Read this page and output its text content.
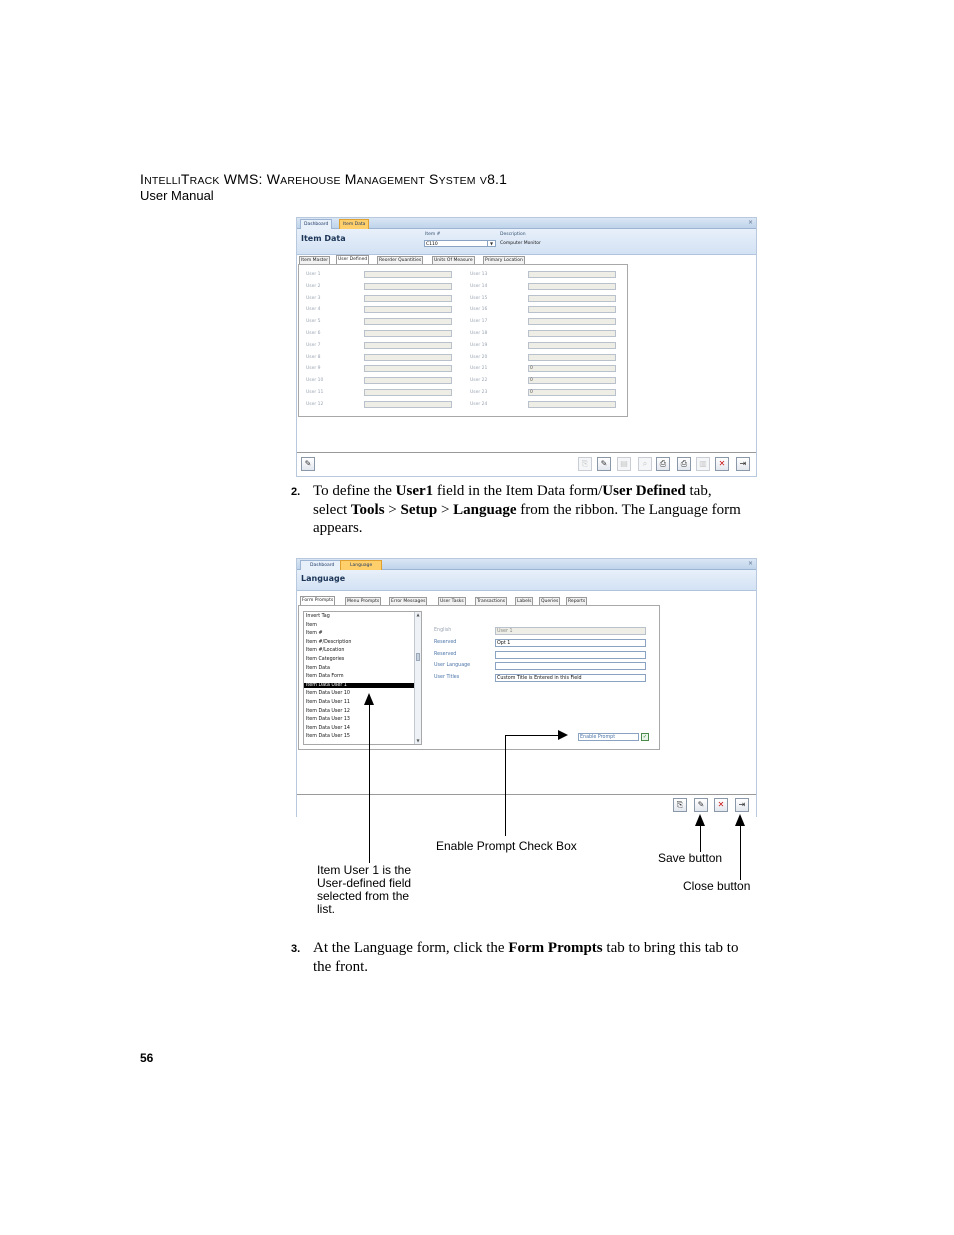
INTELLITRACK WMS: WAREHOUSE MANAGEMENT SYSTEM V8.1
User Manual
Dashboard	Item Data	×
Item Data	Item #
C110	▼
Description
Computer Monitor
Item Master	User Defined	Reorder Quantities	Units Of Measure	Primary Location
User 1
User 2
User 3
User 4
User 5
User 6
User 7
User 8
User 9
User 10
User 11
User 12
User 13
User 14
User 15
User 16
User 17
User 18
User 19
User 20
User 21	0
User 22	0
User 23	0
User 24
✎	⎘	✎	▤	⌕	⎙	⎙	▥	✕	⇥
2. To define the User1 field in the Item Data form/User Defined tab,
select Tools > Setup > Language from the ribbon. The Language form
appears.
Dashboard	Language	×
Language
Form Prompts	Menu Prompts	Error Messages	User Tasks	Transactions	Labels	Queries	Reports
▲
▼
Invert Tag
Item
Item #
Item #/Description
Item #/Location
Item Categories
Item Data
Item Data Form
Item Data User 1
Item Data User 10
Item Data User 11
Item Data User 12
Item Data User 13
Item Data User 14
Item Data User 15
English	User 1
Reserved	Opt 1
Reserved
User Language
User Titles	Custom Title is Entered in this Field
Enable Prompt	✓
⎘	✎	✕	⇥
Enable Prompt Check Box
Save button
Close button
Item User 1 is the
User-defined field
selected from the
list.
3. At the Language form, click the Form Prompts tab to bring this tab to
the front.
56
